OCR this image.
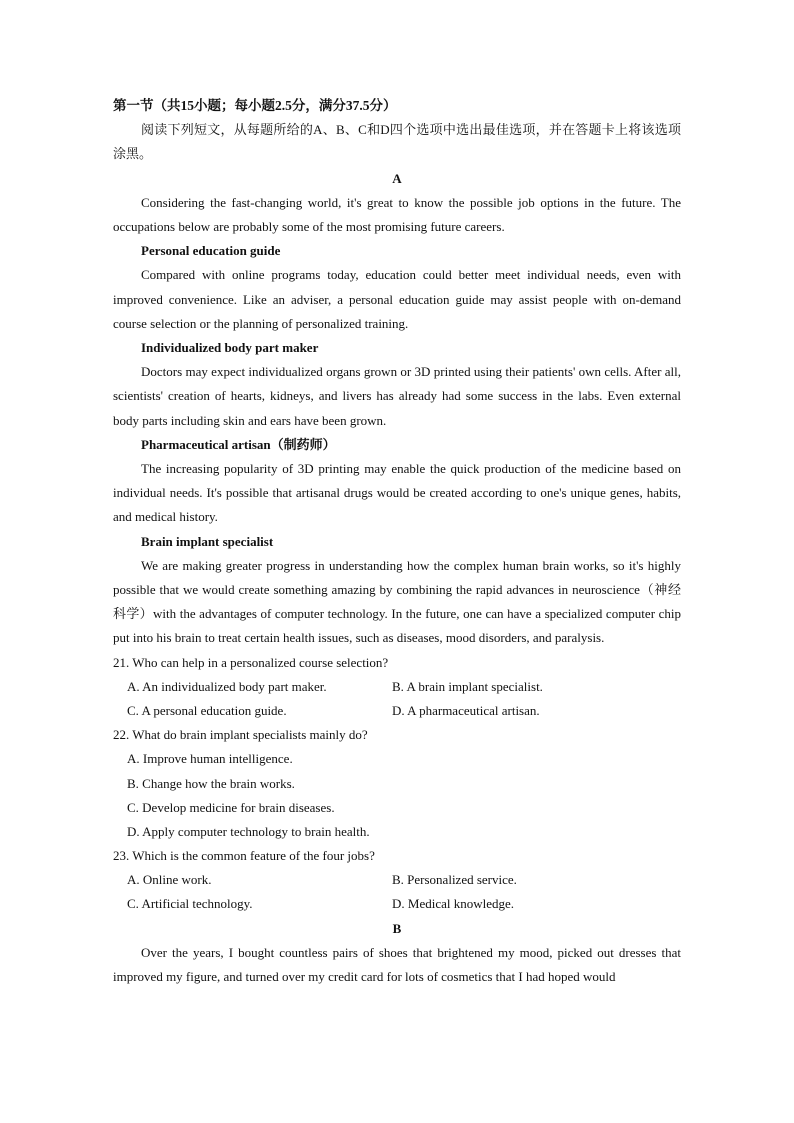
第一节（共15小题；每小题2.5分，满分37.5分）
阅读下列短文，从每题所给的A、B、C和D四个选项中选出最佳选项，并在答题卡上将该选项涂黑。
A
Considering the fast-changing world, it's great to know the possible job options in the future. The occupations below are probably some of the most promising future careers.
Personal education guide
Compared with online programs today, education could better meet individual needs, even with improved convenience. Like an adviser, a personal education guide may assist people with on-demand course selection or the planning of personalized training.
Individualized body part maker
Doctors may expect individualized organs grown or 3D printed using their patients' own cells. After all, scientists' creation of hearts, kidneys, and livers has already had some success in the labs. Even external body parts including skin and ears have been grown.
Pharmaceutical artisan（制药师）
The increasing popularity of 3D printing may enable the quick production of the medicine based on individual needs. It's possible that artisanal drugs would be created according to one's unique genes, habits, and medical history.
Brain implant specialist
We are making greater progress in understanding how the complex human brain works, so it's highly possible that we would create something amazing by combining the rapid advances in neuroscience（神经科学）with the advantages of computer technology. In the future, one can have a specialized computer chip put into his brain to treat certain health issues, such as diseases, mood disorders, and paralysis.
21. Who can help in a personalized course selection?
A. An individualized body part maker.	B. A brain implant specialist.
C. A personal education guide.	D. A pharmaceutical artisan.
22. What do brain implant specialists mainly do?
A. Improve human intelligence.
B. Change how the brain works.
C. Develop medicine for brain diseases.
D. Apply computer technology to brain health.
23. Which is the common feature of the four jobs?
A. Online work.	B. Personalized service.
C. Artificial technology.	D. Medical knowledge.
B
Over the years, I bought countless pairs of shoes that brightened my mood, picked out dresses that improved my figure, and turned over my credit card for lots of cosmetics that I had hoped would
